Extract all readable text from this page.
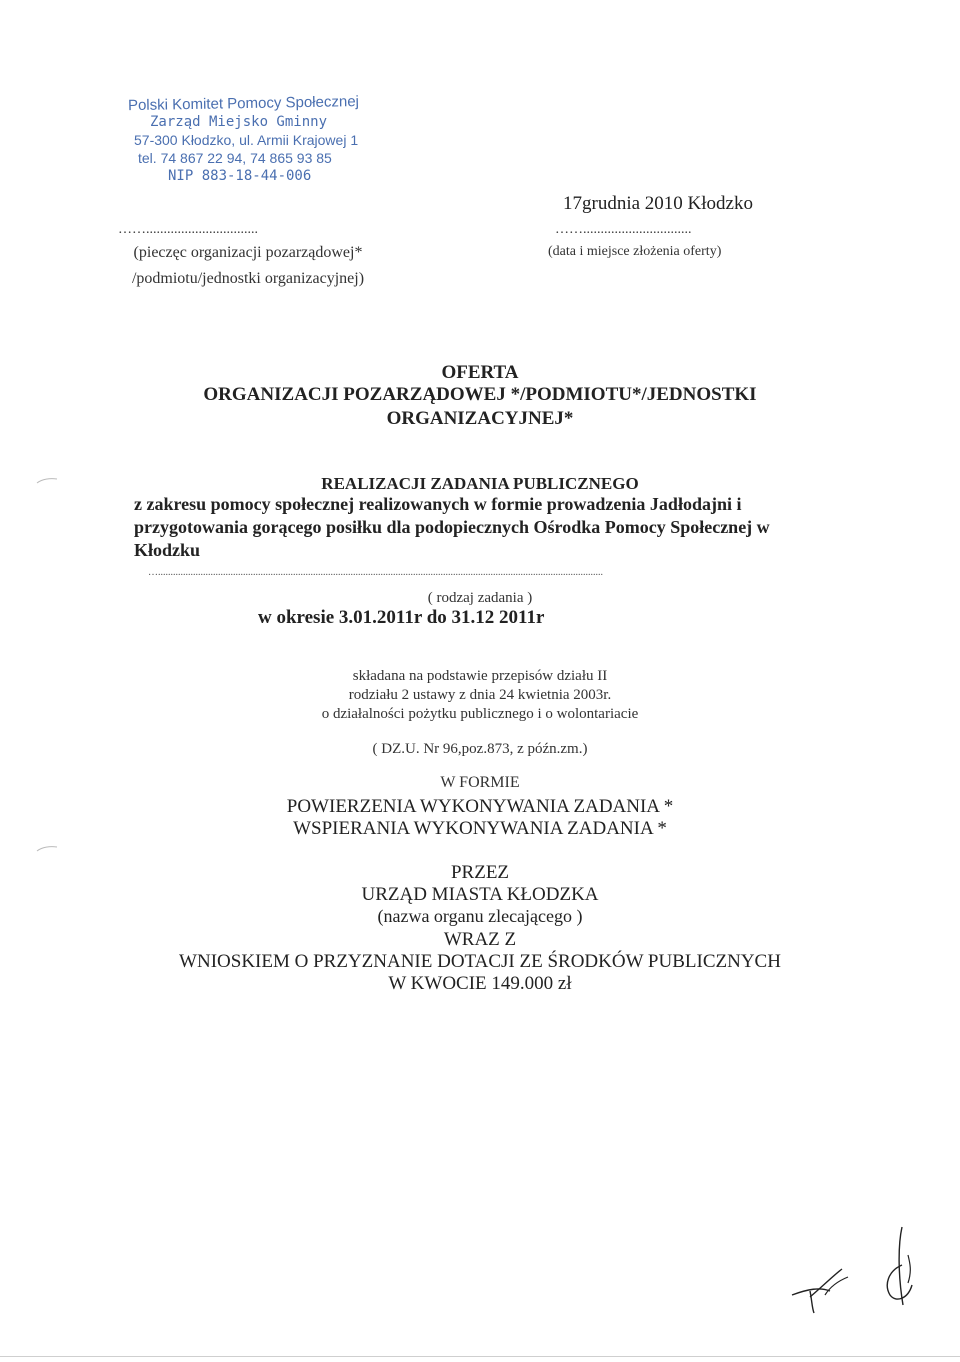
Polski Komitet Pomocy Społecznej
Zarząd Miejsko Gminny
57-300 Kłodzko, ul. Armii Krajowej 1
tel. 74 867 22 94, 74 865 93 85
NIP 883-18-44-006
……................................
(pieczęc organizacji pozarządowej* /podmiotu/jednostki organizacyjnej)
17grudnia 2010 Kłodzko
……...............................
(data i miejsce złożenia oferty)
OFERTA
ORGANIZACJI POZARZĄDOWEJ */PODMIOTU*/JEDNOSTKI
ORGANIZACYJNEJ*
REALIZACJI ZADANIA PUBLICZNEGO
z zakresu pomocy społecznej realizowanych w formie prowadzenia Jadłodajni i przygotowania gorącego posiłku dla podopiecznych Ośrodka Pomocy Społecznej w Kłodzku
…..................................................................................................................................................................................
( rodzaj zadania )
w okresie 3.01.2011r do 31.12 2011r
składana na podstawie przepisów działu II
rodziału 2 ustawy z dnia 24 kwietnia 2003r.
o działalności pożytku publicznego i o wolontariacie
( DZ.U. Nr 96,poz.873, z późn.zm.)
W FORMIE
POWIERZENIA WYKONYWANIA ZADANIA *
WSPIERANIA WYKONYWANIA ZADANIA *
PRZEZ
URZĄD MIASTA KŁODZKA
(nazwa organu zlecającego )
WRAZ Z
WNIOSKIEM O PRZYZNANIE DOTACJI ZE ŚRODKÓW PUBLICZNYCH
W KWOCIE 149.000 zł
